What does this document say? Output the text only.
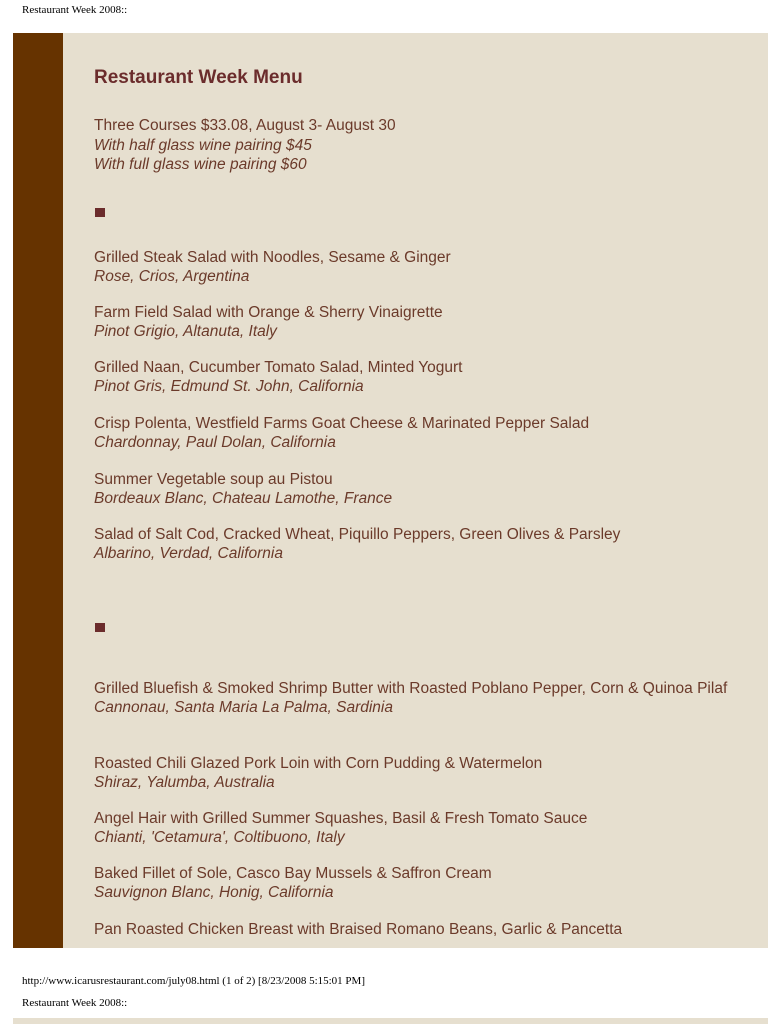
Restaurant Week 2008::
Restaurant Week Menu
Three Courses $33.08, August 3- August 30
With half glass wine pairing $45
With full glass wine pairing $60
Grilled Steak Salad with Noodles, Sesame & Ginger
Rose, Crios, Argentina
Farm Field Salad with Orange & Sherry Vinaigrette
Pinot Grigio, Altanuta, Italy
Grilled Naan, Cucumber Tomato Salad, Minted Yogurt
Pinot Gris, Edmund St. John, California
Crisp Polenta, Westfield Farms Goat Cheese & Marinated Pepper Salad
Chardonnay, Paul Dolan, California
Summer Vegetable soup au Pistou
Bordeaux Blanc, Chateau Lamothe, France
Salad of Salt Cod, Cracked Wheat, Piquillo Peppers, Green Olives & Parsley
Albarino, Verdad, California
Grilled Bluefish & Smoked Shrimp Butter with Roasted Poblano Pepper, Corn & Quinoa Pilaf
Cannonau, Santa Maria La Palma, Sardinia
Roasted Chili Glazed Pork Loin with Corn Pudding & Watermelon
Shiraz, Yalumba, Australia
Angel Hair with Grilled Summer Squashes, Basil & Fresh Tomato Sauce
Chianti, 'Cetamura', Coltibuono, Italy
Baked Fillet of Sole, Casco Bay Mussels & Saffron Cream
Sauvignon Blanc, Honig, California
Pan Roasted Chicken Breast with Braised Romano Beans, Garlic & Pancetta
http://www.icarusrestaurant.com/july08.html (1 of 2) [8/23/2008 5:15:01 PM]
Restaurant Week 2008::
